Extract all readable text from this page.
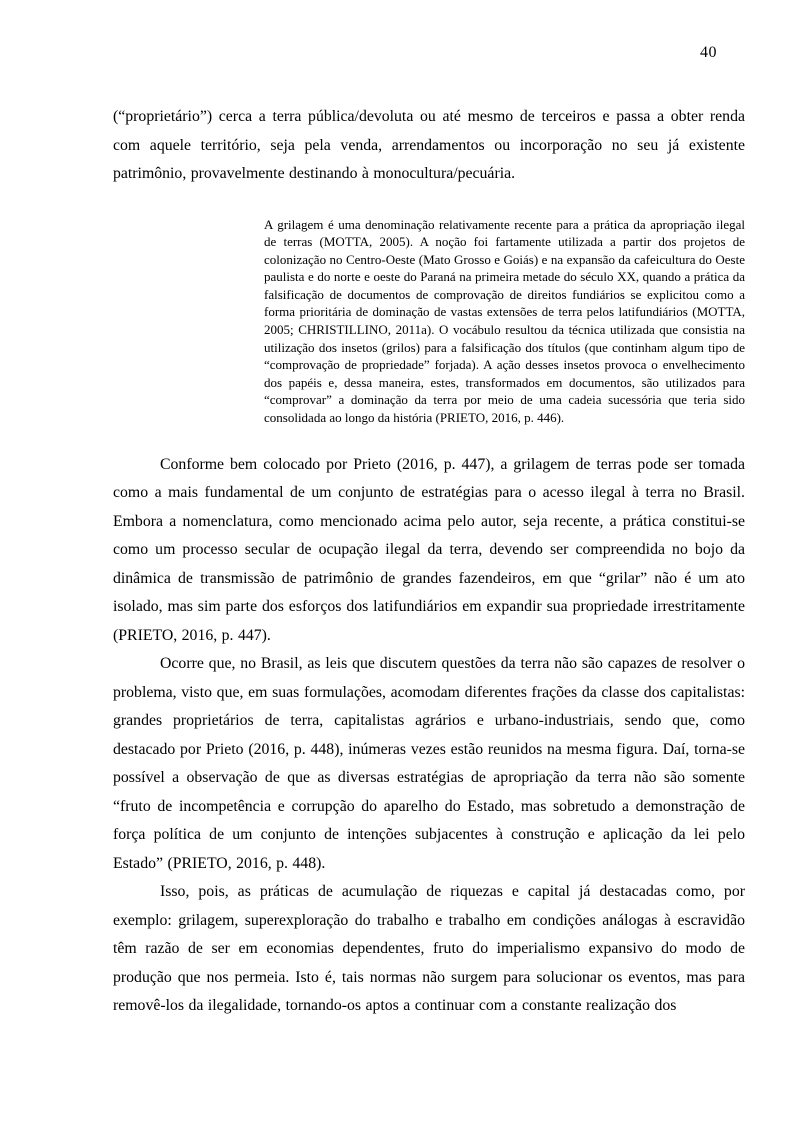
40

(“proprietário”) cerca a terra pública/devoluta ou até mesmo de terceiros e passa a obter renda com aquele território, seja pela venda, arrendamentos ou incorporação no seu já existente patrimônio, provavelmente destinando à monocultura/pecuária.

A grilagem é uma denominação relativamente recente para a prática da apropriação ilegal de terras (MOTTA, 2005). A noção foi fartamente utilizada a partir dos projetos de colonização no Centro-Oeste (Mato Grosso e Goiás) e na expansão da cafeicultura do Oeste paulista e do norte e oeste do Paraná na primeira metade do século XX, quando a prática da falsificação de documentos de comprovação de direitos fundiários se explicitou como a forma prioritária de dominação de vastas extensões de terra pelos latifundiários (MOTTA, 2005; CHRISTILLINO, 2011a). O vocábulo resultou da técnica utilizada que consistia na utilização dos insetos (grilos) para a falsificação dos títulos (que continham algum tipo de “comprovação de propriedade” forjada). A ação desses insetos provoca o envelhecimento dos papéis e, dessa maneira, estes, transformados em documentos, são utilizados para “comprovar” a dominação da terra por meio de uma cadeia sucessória que teria sido consolidada ao longo da história (PRIETO, 2016, p. 446).

Conforme bem colocado por Prieto (2016, p. 447), a grilagem de terras pode ser tomada como a mais fundamental de um conjunto de estratégias para o acesso ilegal à terra no Brasil. Embora a nomenclatura, como mencionado acima pelo autor, seja recente, a prática constitui-se como um processo secular de ocupação ilegal da terra, devendo ser compreendida no bojo da dinâmica de transmissão de patrimônio de grandes fazendeiros, em que “grilar” não é um ato isolado, mas sim parte dos esforços dos latifundiários em expandir sua propriedade irrestritamente (PRIETO, 2016, p. 447).

Ocorre que, no Brasil, as leis que discutem questões da terra não são capazes de resolver o problema, visto que, em suas formulações, acomodam diferentes frações da classe dos capitalistas: grandes proprietários de terra, capitalistas agrários e urbano-industriais, sendo que, como destacado por Prieto (2016, p. 448), inúmeras vezes estão reunidos na mesma figura. Daí, torna-se possível a observação de que as diversas estratégias de apropriação da terra não são somente “fruto de incompetência e corrupção do aparelho do Estado, mas sobretudo a demonstração de força política de um conjunto de intenções subjacentes à construção e aplicação da lei pelo Estado” (PRIETO, 2016, p. 448).

Isso, pois, as práticas de acumulação de riquezas e capital já destacadas como, por exemplo: grilagem, superexploração do trabalho e trabalho em condições análogas à escravidão têm razão de ser em economias dependentes, fruto do imperialismo expansivo do modo de produção que nos permeia. Isto é, tais normas não surgem para solucionar os eventos, mas para removê-los da ilegalidade, tornando-os aptos a continuar com a constante realização dos
